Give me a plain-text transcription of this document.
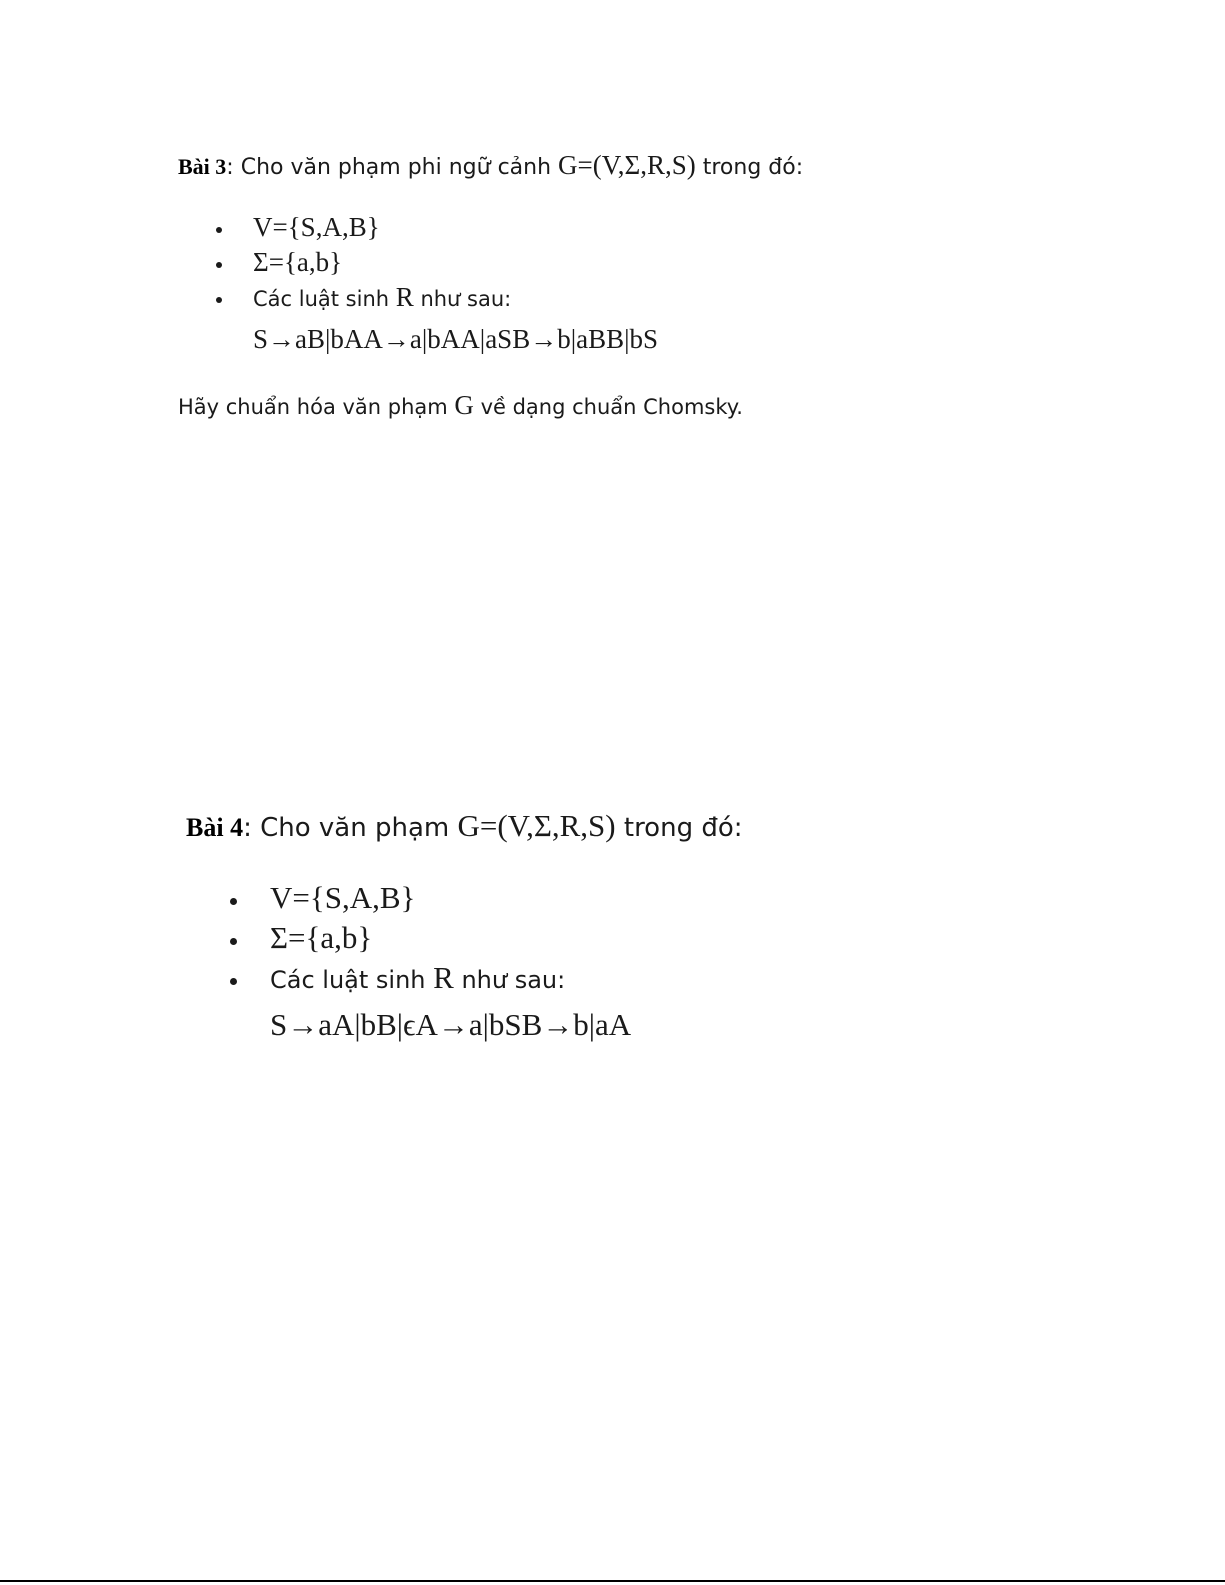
Bài 3: Cho văn phạm phi ngữ cảnh G=(V,Σ,R,S) trong đó:
V={S,A,B}
Σ={a,b}
Các luật sinh R như sau:
S→aB|bAA→a|bAA|aSB→b|aBB|bS
Hãy chuẩn hóa văn phạm G về dạng chuẩn Chomsky.
Bài 4: Cho văn phạm G=(V,Σ,R,S) trong đó:
V={S,A,B}
Σ={a,b}
Các luật sinh R như sau:
S→aA|bB|ϵA→a|bSB→b|aA
